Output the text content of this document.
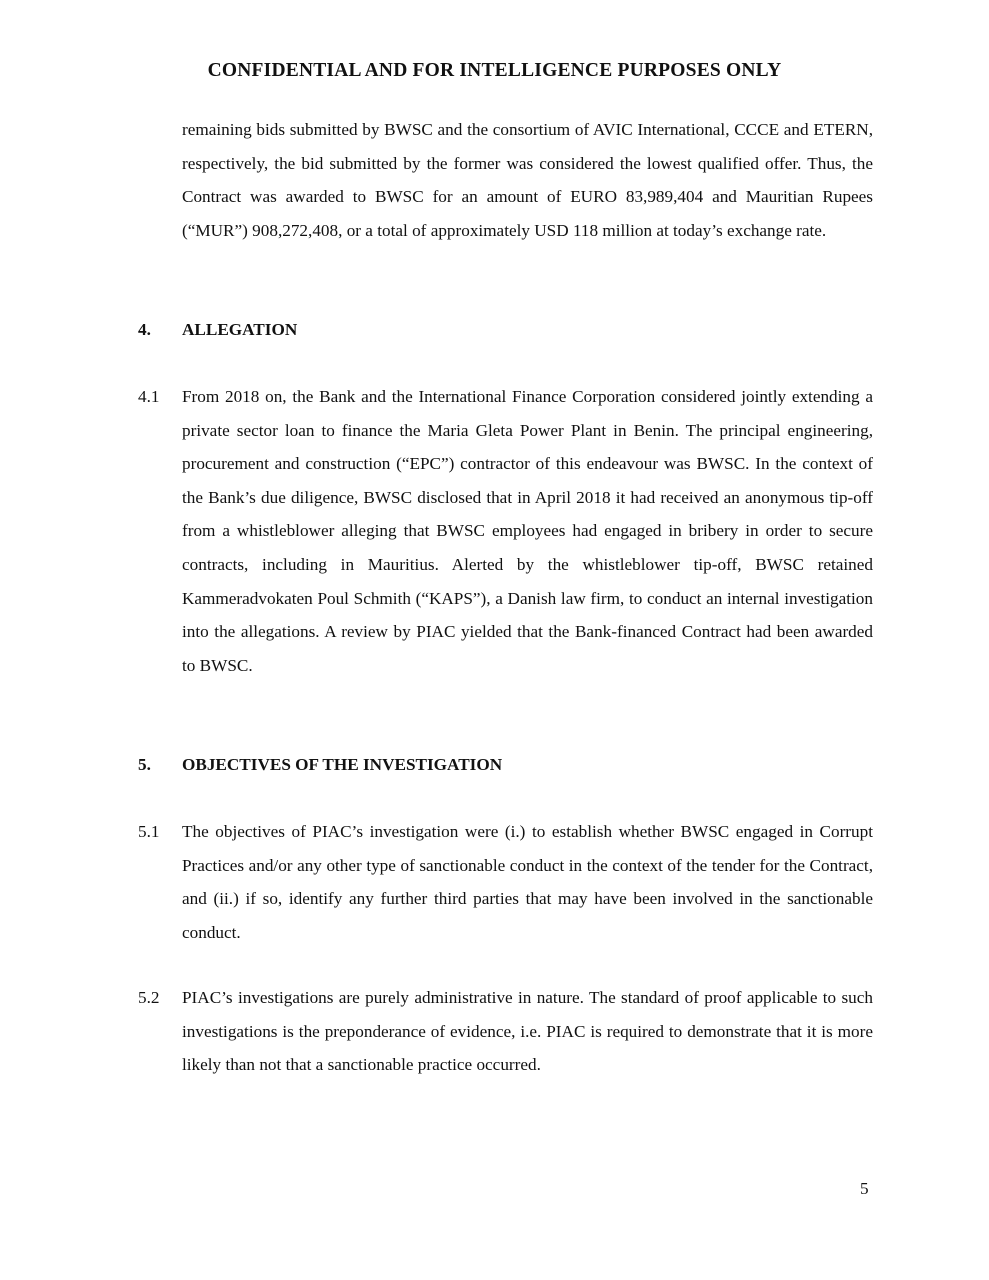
CONFIDENTIAL AND FOR INTELLIGENCE PURPOSES ONLY
remaining bids submitted by BWSC and the consortium of AVIC International, CCCE and ETERN, respectively, the bid submitted by the former was considered the lowest qualified offer. Thus, the Contract was awarded to BWSC for an amount of EURO 83,989,404 and Mauritian Rupees (“MUR”) 908,272,408, or a total of approximately USD 118 million at today’s exchange rate.
4. ALLEGATION
4.1 From 2018 on, the Bank and the International Finance Corporation considered jointly extending a private sector loan to finance the Maria Gleta Power Plant in Benin. The principal engineering, procurement and construction (“EPC”) contractor of this endeavour was BWSC. In the context of the Bank’s due diligence, BWSC disclosed that in April 2018 it had received an anonymous tip-off from a whistleblower alleging that BWSC employees had engaged in bribery in order to secure contracts, including in Mauritius. Alerted by the whistleblower tip-off, BWSC retained Kammeradvokaten Poul Schmith (“KAPS”), a Danish law firm, to conduct an internal investigation into the allegations. A review by PIAC yielded that the Bank-financed Contract had been awarded to BWSC.
5. OBJECTIVES OF THE INVESTIGATION
5.1 The objectives of PIAC’s investigation were (i.) to establish whether BWSC engaged in Corrupt Practices and/or any other type of sanctionable conduct in the context of the tender for the Contract, and (ii.) if so, identify any further third parties that may have been involved in the sanctionable conduct.
5.2 PIAC’s investigations are purely administrative in nature. The standard of proof applicable to such investigations is the preponderance of evidence, i.e. PIAC is required to demonstrate that it is more likely than not that a sanctionable practice occurred.
5
